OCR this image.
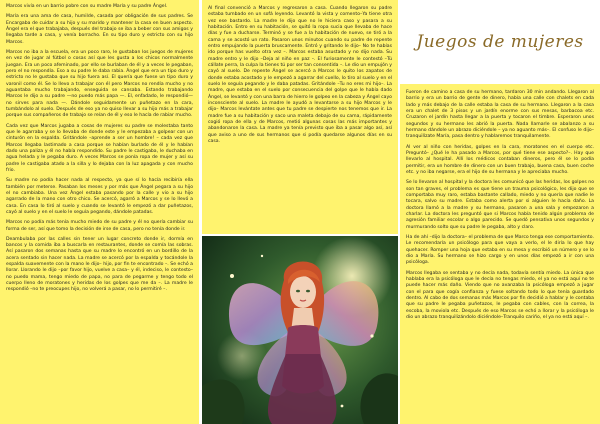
Marcos vivía en un barrio pobre con su madre María y su padre Ángel.

María era una ama de casa, humilde, casada por obligación de sus padres. Se Encargaba de cuidar a su hijo y su marido y mantener la casa en buen aspecto. Ángel era el que trabajaba, después del trabajo se iba a beber con sus amigos y llegaba tarde a casa, y venía borracho. En su tipo duro y estricto con su hijo Marcos.

Marcos no iba a la escuela, era un poco raro, le gustaban los juegos de mujeres en vez de jugar al fútbol o cosas así que les gusta a los chicos normalmente juegan. Era un poco afeminado, por ello se burlaban de él y a veces le pegaban, pero el no respondía. Eso a su padre le daba rabia. Ángel que era un tipo duro y estricto no le gustaba que su hijo fuera así. El quería que fuese un tipo duro y varonil como él. Se lo llevo a trabajar con él pero Marcos no rendía mucho y no aguantaba mucho trabajando, enseguida se cansaba. Estando trabajando Marcos le dijo a su padre —no puedo más papa —. El, enfadado, le respondió— no sirves para nada —. Dándole seguidamente un puñetazo en la cara, tumbándolo al suelo. Después de eso ya no quiso llevar a su hijo más a trabajar porque sus compañeros de trabajo se reían de él y eso le hacía de rabiar mucho.

Cada vez que Marcos jugaba a cosas de mujeres su padre se molestaba tanto que le agarraba y se lo llevaba de donde este y le empezaba a golpear con un cinturón en la espalda. Gritándole –aprende a ser un hombre! – cada vez que Marcos llegaba lastimado a casa porque se habían burlado de él y le habían dado una paliza y él no había respondido. Su padre le castigaba, le duchaba en agua helada y le pegaba duro. A veces Marcos se ponía ropa de mujer y así su padre le castigaba atado a la silla y lo dejaba con la luz apagada y con mucho frio.

Su madre no podía hacer nada al respecto, ya que sí lo hacía recibiría ella también por meterse. Pasaban los meses y por más que Ángel pegara a su hijo el no cambiaba. Una vez Ángel estaba pasando por la calle y vio a su hijo agarrado de la mano con otro chico. Se acercó, agarró a Marcos y se lo llevó a casa. En casa lo tiró al suelo y cuando se levantó le empezó a dar puñetazos, cayó al suelo y en el suelo le seguía pegando, dándole patadas.

Marcos no podía más tenía mucho miedo de su padre y él no quería cambiar su forma de ser, así que tomo la decisión de irse de casa, pero no tenía donde ir.

Deambulaba por las calles sin tener un lugar concreto donde ir, dormía en bancos y la comida iba a buscarla en restaurantes, donde se comía las sobras. Así pasaron dos semanas hasta que su madre lo encontró en un bordillo de la acera sentado sin hacer nada. La madre se acercó por la espalda y tocándole la espalda suavemente con la mano le dijo– hijo, por fin te encontrado –. Se echó a llorar. Llorando le dijo –por favor hijo, vuelve a casa– y él, indeciso, le contesto– no puedo mama, tengo miedo de papa, no para de pegarme y tengo todo el cuerpo lleno de moratones y heridas de los golpes que me da –. La madre le respondió –no te preocupes hijo, no volverá a pasar, no lo permitiré –.

Al final convenció a Marcos y regresaron a casa. Cuando llegaron su padre estaba tumbado en un sofá leyendo. Levantó la vista y comento–Ya tiene otra vez ese bastardo. La madre le dijo que no le hiciera caso y pasara a su habitación. Entro en su habitación, se quitó la ropa sucia que llevaba de hace días y fue a ducharse. Terminó y se fue a la habitación de nuevo, se tiró a la cama y se acostó un rato. Pasaron unos minutos cuando su padre de repente entro empujando la puerta bruscamente. Entró y gritando le dijo– No te habías ido porque has vuelto otra vez –. Marcos estaba asustado y no dijo nada. Su madre entro y le dijo –Deja al niño en paz –. El furiosamente le contestó –Tú cállate perra, la culpa la tienes tú por ser tan consentida –. Le dio un empujón y cayó al suelo. De repente Ángel se acercó a Marcos le quito los zapatos de donde estaba acostado y le empezó a agarrar del cuello, lo tiro al suelo y en el suelo le seguía pegando y le daba patadas. Gritándole –Tu no eres mi hijo–. La madre, que estaba en el suelo por consecuencia del golpe que le había dado Ángel, se levantó y con una barra de hierro le golpeo en la cabeza y Ángel cayo inconsciente al suelo. La madre le ayudó a levantarse a su hijo Marcos y le dijo– Marcos levántate antes que tu padre se despierte nos tenemos que ir. La madre fue a su habitación y saco una maleta debajo de su cama, rápidamente cogió ropa de ella y de Marcos, metió algunas cosas las más importantes y abandonaron la casa. La madre ya tenía previsto que iba a pasar algo así, así que aviso a uno de sus hermanos que si podía quedarse algunos días en su casa.

Juegos de mujeres

Fueron de camino a casa de su hermano, tardaron 30 min andando. Llegaron al barrio y era un barrio de gente de dinero, había una calle con chalets en cada lado y más debajo de la calle estaba la casa de su hermano. Llegaron a la casa era un chalet de 3 pisos y un jardín enorme con sus mesas, barbacoa etc. Cruzaron el jardín hasta llegar a la puerta y tocaron el timbre. Esperaron unos segundos y su hermano les abrió la puerta. Nada llamarle se abalanzo a su hermano dándole un abrazo diciéndole – ya no aguanto más–. El confuso le dijo– tranquilízate María, pasa dentro y hablaremos tranquilamente.

Al ver al niño con heridas, golpes en la cara, moratones en el cuerpo etc. Preguntó– ¿Qué le ha pasado a Marcos, por qué tiene ese aspecto?–. Hay que llevarlo al hospital. Allí los médicos contaban dineros, pero él se lo podía permitir, era un hombre de dinero con un buen trabajo, buena casa, buen coche etc. y no iba negarse, era el hijo de su hermana y le apreciaba mucho.

Se lo llevaron al hospital y la doctora les comunicó que las heridas, los golpes no son tan graves, el problema es que tiene un trauma psicológico, les dijo que se comportaba muy raro, estaba bastante callado, miedo y no quería que nadie le tocara, salvo su madre. Estaba como alerta por si alguien le hacía daño. La doctora llamó a la madre y su hermano, pasaron a una sala y empezaron a charlar. La doctora les preguntó que si Marcos había tenido algún problema de agresión familiar escolar o algo parecido. Se quedó pensativa unos segundos y murmurando solto que su padre le pegaba, alto y claro.

Ha de ahí –dijo la doctora– el problema de que Marco tenga ese comportamiento. Le recomendaría un psicólogo para que vaya a verlo, el le diría lo que hay quehacer. Romper una hoja que estaba en su mesa y escribió un número y se lo dio a María. Su hermano se hizo cargo y en unos días empezó a ir con una psicóloga.

Marcos llegaba se sentaba y no decía nada, todavía sentía miedo. La única que hablaba era la psicóloga que le decía no tengas miedo, el ya no está aquí no te puede hacer más daño. Viendo que no avanzaba la psicóloga empezó a jugar con el para que cogía confianza y fuese soltando todo lo que tenía guardado dentro. Al cabo de dos semanas más Marcos por fin decidió a hablar y le contaba que su padre le pegaba puñetazos, le pegaba con cables, con la correa, la escoba, la moviola etc. Después de eso Marcos se echó a llorar y la psicóloga le dio un abrazo tranquilizándolo diciéndole–Tranquilo cariño, el ya no está aquí –.
